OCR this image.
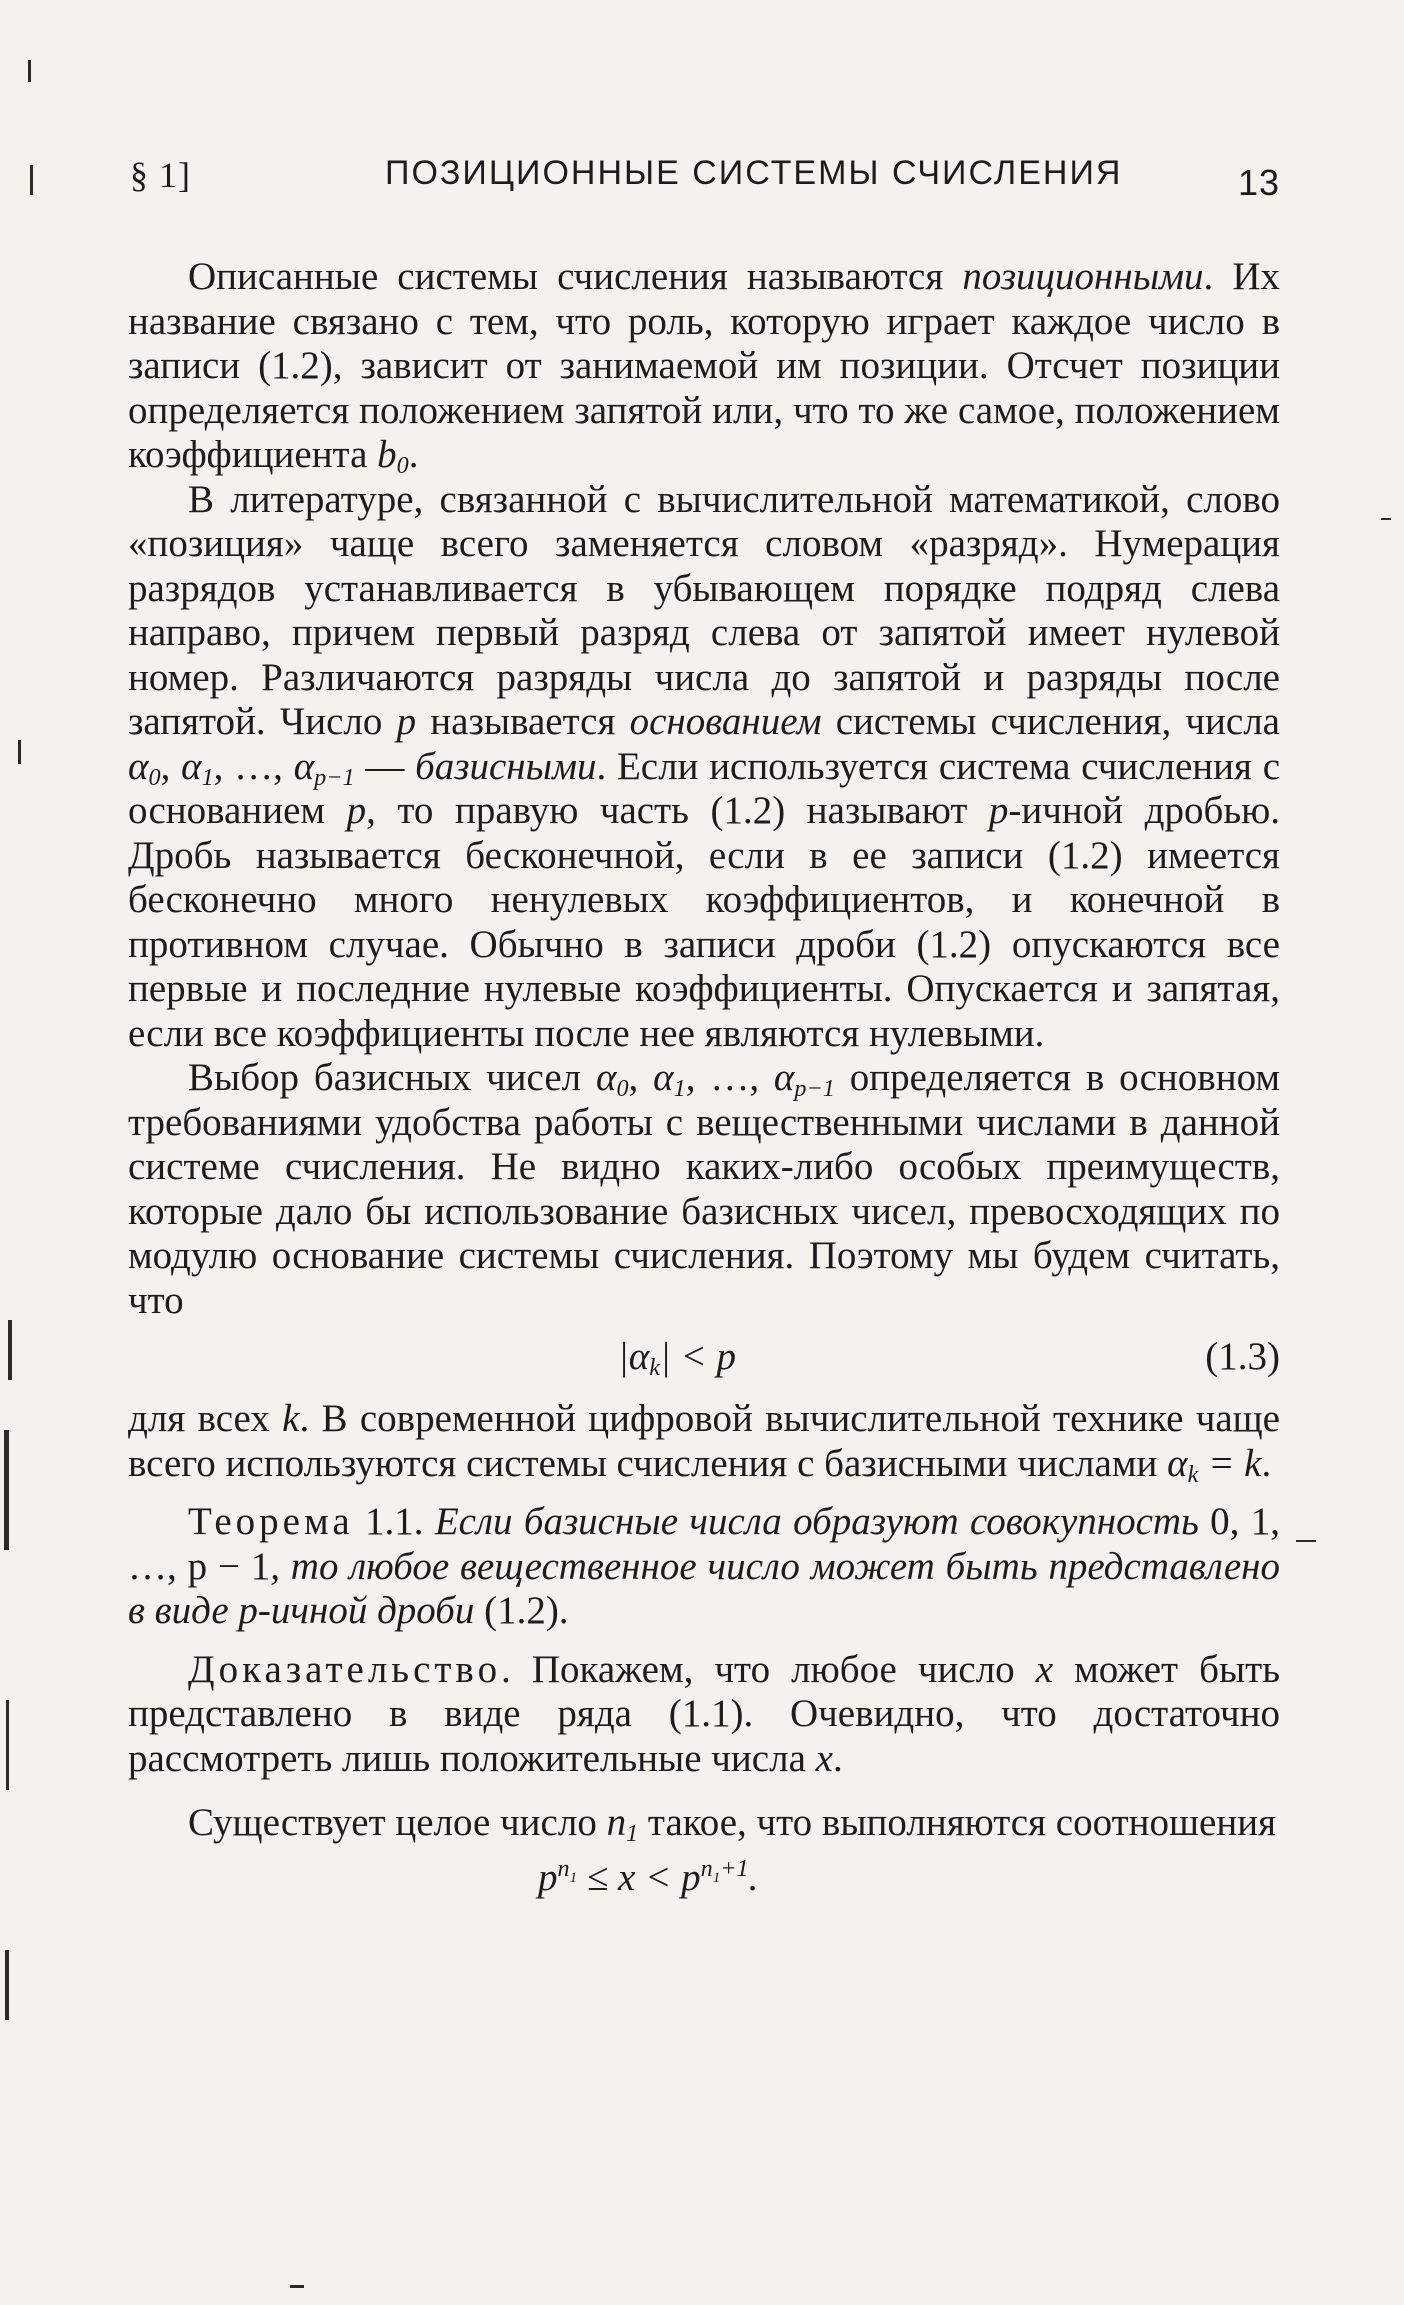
§ 1]	ПОЗИЦИОННЫЕ СИСТЕМЫ СЧИСЛЕНИЯ	13

Описанные системы счисления называются позиционными. Их название связано с тем, что роль, которую играет каждое число в записи (1.2), зависит от занимаемой им позиции. Отсчет позиции определяется положением запятой или, что то же самое, положением коэффициента $b_0$.

В литературе, связанной с вычислительной математикой, слово «позиция» чаще всего заменяется словом «разряд». Нумерация разрядов устанавливается в убывающем порядке подряд слева направо, причем первый разряд слева от запятой имеет нулевой номер. Различаются разряды числа до запятой и разряды после запятой. Число p называется основанием системы счисления, числа $\alpha_0$, $\alpha_1$, …, $\alpha_{p-1}$ — базисными. Если используется система счисления с основанием p, то правую часть (1.2) называют p-ичной дробью. Дробь называется бесконечной, если в ее записи (1.2) имеется бесконечно много ненулевых коэффициентов, и конечной в противном случае. Обычно в записи дроби (1.2) опускаются все первые и последние нулевые коэффициенты. Опускается и запятая, если все коэффициенты после нее являются нулевыми.

Выбор базисных чисел $\alpha_0$, $\alpha_1$, …, $\alpha_{p-1}$ определяется в основном требованиями удобства работы с вещественными числами в данной системе счисления. Не видно каких-либо особых преимуществ, которые дало бы использование базисных чисел, превосходящих по модулю основание системы счисления. Поэтому мы будем считать, что

$|\alpha_k| < p$	(1.3)

для всех k. В современной цифровой вычислительной технике чаще всего используются системы счисления с базисными числами $\alpha_k = k$.

Теорема 1.1. Если базисные числа образуют совокупность 0, 1, …, p − 1, то любое вещественное число может быть представлено в виде p-ичной дроби (1.2).

Доказательство. Покажем, что любое число x может быть представлено в виде ряда (1.1). Очевидно, что достаточно рассмотреть лишь положительные числа x.

Существует целое число $n_1$ такое, что выполняются соотношения

$p^{n_1} \le x < p^{n_1+1}$.
